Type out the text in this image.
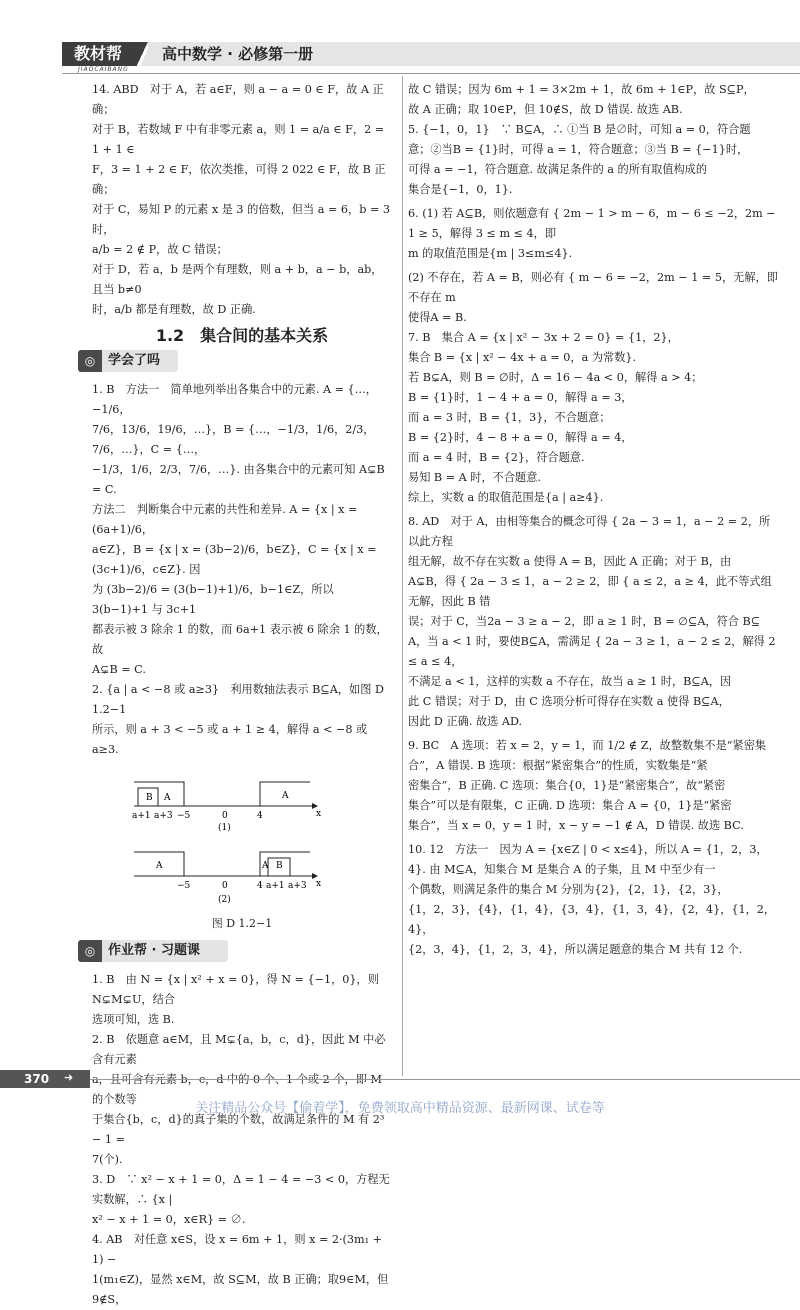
教材帮
JIAOCAIBANG
高中数学 · 必修第一册

14. ABD　对于 A，若 a∈F，则 a − a = 0 ∈ F，故 A 正确；

对于 B，若数域 F 中有非零元素 a，则 1 = a/a ∈ F，2 = 1 + 1 ∈

F，3 = 1 + 2 ∈ F，依次类推，可得 2 022 ∈ F，故 B 正确；

对于 C，易知 P 的元素 x 是 3 的倍数，但当 a = 6，b = 3 时，

a/b = 2 ∉ P，故 C 错误；

对于 D，若 a，b 是两个有理数，则 a + b，a − b，ab，且当 b≠0

时，a/b 都是有理数，故 D 正确.

1.2　集合间的基本关系
◎ 学会了吗

1. B　方法一　简单地列举出各集合中的元素. A = {…，−1/6，

7/6，13/6，19/6，…}，B = {…，−1/3，1/6，2/3，7/6，…}，C = {…，

−1/3，1/6，2/3，7/6，…}. 由各集合中的元素可知 A⊊B = C.

方法二　判断集合中元素的共性和差异. A = {x | x = (6a+1)/6，

a∈Z}，B = {x | x = (3b−2)/6，b∈Z}，C = {x | x = (3c+1)/6，c∈Z}. 因

为 (3b−2)/6 = (3(b−1)+1)/6，b−1∈Z，所以 3(b−1)+1 与 3c+1

都表示被 3 除余 1 的数，而 6a+1 表示被 6 除余 1 的数，故

A⊊B = C.

2. {a | a < −8 或 a≥3}　利用数轴法表示 B⊆A，如图 D 1.2−1

所示，则 a + 3 < −5 或 a + 1 ≥ 4，解得 a < −8 或 a≥3.

B A	A
a+1 a+3 −5	0	4	x
(1)
A	A B
−5	0	4 a+1 a+3 x
(2)
图 D 1.2−1
◎ 作业帮 · 习题课

1. B　由 N = {x | x² + x = 0}，得 N = {−1，0}，则N⊊M⊊U，结合

选项可知，选 B.

2. B　依题意 a∈M，且 M⊊{a，b，c，d}，因此 M 中必含有元素

a，且可含有元素 b，c，d 中的 0 个、1 个或 2 个，即 M 的个数等

于集合{b，c，d}的真子集的个数，故满足条件的 M 有 2³ − 1 =

7(个).

3. D　∵ x² − x + 1 = 0，Δ = 1 − 4 = −3 < 0，方程无实数解，∴ {x |

x² − x + 1 = 0，x∈R} = ∅.

4. AB　对任意 x∈S，设 x = 6m + 1，则 x = 2·(3m₁ + 1) −

1(m₁∈Z)，显然 x∈M，故 S⊆M，故 B 正确；取9∈M，但 9∉S，

故 C 错误；因为 6m + 1 = 3×2m + 1，故 6m + 1∈P，故 S⊆P，

故 A 正确；取 10∈P，但 10∉S，故 D 错误. 故选 AB.

5. {−1，0，1}　∵ B⊆A，∴ ①当 B 是∅时，可知 a = 0，符合题

意；②当B = {1}时，可得 a = 1，符合题意；③当 B = {−1}时，

可得 a = −1，符合题意. 故满足条件的 a 的所有取值构成的

集合是{−1，0，1}.

6. (1) 若 A⊆B，则依题意有 { 2m − 1 > m − 6，m − 6 ≤ −2，2m − 1 ≥ 5，解得 3 ≤ m ≤ 4，即

m 的取值范围是{m | 3≤m≤4}.

(2) 不存在，若 A = B，则必有 { m − 6 = −2，2m − 1 = 5，无解，即不存在 m

使得A = B.

7. B　集合 A = {x | x² − 3x + 2 = 0} = {1，2}，

集合 B = {x | x² − 4x + a = 0，a 为常数}.

若 B⊊A，则 B = ∅时，Δ = 16 − 4a < 0，解得 a > 4；

B = {1}时，1 − 4 + a = 0，解得 a = 3，

而 a = 3 时，B = {1，3}，不合题意；

B = {2}时，4 − 8 + a = 0，解得 a = 4，

而 a = 4 时，B = {2}，符合题意.

易知 B = A 时，不合题意.

综上，实数 a 的取值范围是{a | a≥4}.

8. AD　对于 A，由相等集合的概念可得 { 2a − 3 = 1，a − 2 = 2，所以此方程

组无解，故不存在实数 a 使得 A = B，因此 A 正确；对于 B，由

A⊊B，得 { 2a − 3 ≤ 1，a − 2 ≥ 2，即 { a ≤ 2，a ≥ 4，此不等式组无解，因此 B 错

误；对于 C，当2a − 3 ≥ a − 2，即 a ≥ 1 时，B = ∅⊆A，符合 B⊆

A，当 a < 1 时，要使B⊆A，需满足 { 2a − 3 ≥ 1，a − 2 ≤ 2，解得 2 ≤ a ≤ 4，

不满足 a < 1，这样的实数 a 不存在，故当 a ≥ 1 时，B⊆A，因

此 C 错误；对于 D，由 C 选项分析可得存在实数 a 使得 B⊆A，

因此 D 正确. 故选 AD.

9. BC　A 选项：若 x = 2，y = 1，而 1/2 ∉ Z，故整数集不是“紧密集

合”，A 错误. B 选项：根据“紧密集合”的性质，实数集是“紧

密集合”，B 正确. C 选项：集合{0，1}是“紧密集合”，故“紧密

集合”可以是有限集，C 正确. D 选项：集合 A = {0，1}是“紧密

集合”，当 x = 0，y = 1 时，x − y = −1 ∉ A，D 错误. 故选 BC.

10. 12　方法一　因为 A = {x∈Z | 0 < x≤4}，所以 A = {1，2，3，

4}. 由 M⊆A，知集合 M 是集合 A 的子集，且 M 中至少有一

个偶数，则满足条件的集合 M 分别为{2}，{2，1}，{2，3}，

{1，2，3}，{4}，{1，4}，{3，4}，{1，3，4}，{2，4}，{1，2，4}，

{2，3，4}，{1，2，3，4}，所以满足题意的集合 M 共有 12 个.

370 ➜
关注精品公众号【偷着学】，免费领取高中精品资源、最新网课、试卷等
